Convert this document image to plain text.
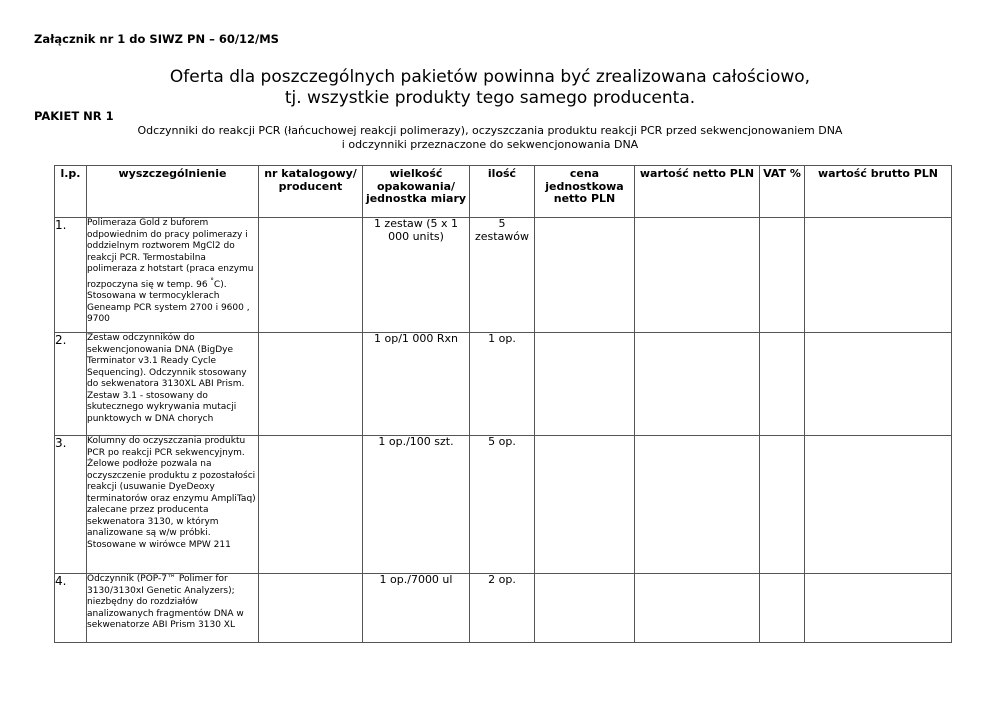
Załącznik nr 1 do SIWZ PN – 60/12/MS
Oferta dla poszczególnych pakietów powinna być zrealizowana całościowo,
tj. wszystkie produkty tego samego producenta.
PAKIET NR 1
Odczynniki do reakcji PCR (łańcuchowej reakcji polimerazy), oczyszczania produktu reakcji PCR przed sekwencjonowaniem DNA
i odczynniki przeznaczone do sekwencjonowania DNA
l.p.	wyszczególnienie	nr katalogowy/ producent	wielkość opakowania/ jednostka miary	ilość	cena jednostkowa netto PLN	wartość netto PLN	VAT %	wartość brutto PLN
1.	Polimeraza Gold z buforem odpowiednim do pracy polimerazy i oddzielnym roztworem MgCl2 do reakcji PCR. Termostabilna polimeraza z hotstart (praca enzymu rozpoczyna się w temp. 96 °C). Stosowana w termocyklerach Geneamp PCR system 2700 i 9600 , 9700		1 zestaw (5 x 1 000 units)	5 zestawów				
2.	Zestaw odczynników do sekwencjonowania DNA (BigDye Terminator v3.1 Ready Cycle Sequencing). Odczynnik stosowany do sekwenatora 3130XL ABI Prism. Zestaw 3.1 - stosowany do skutecznego wykrywania mutacji punktowych w DNA chorych		1 op/1 000 Rxn	1 op.				
3.	Kolumny do oczyszczania produktu PCR po reakcji PCR sekwencyjnym. Żelowe podłoże pozwala na oczyszczenie produktu z pozostałości reakcji (usuwanie DyeDeoxy terminatorów oraz enzymu AmpliTaq) zalecane przez producenta sekwenatora 3130, w którym analizowane są w/w próbki. Stosowane w wirówce MPW 211		1 op./100 szt.	5 op.				
4.	Odczynnik (POP-7™ Polimer for 3130/3130xI Genetic Analyzers); niezbędny do rozdziałów analizowanych fragmentów DNA w sekwenatorze ABI Prism 3130 XL		1 op./7000 ul	2 op.				
